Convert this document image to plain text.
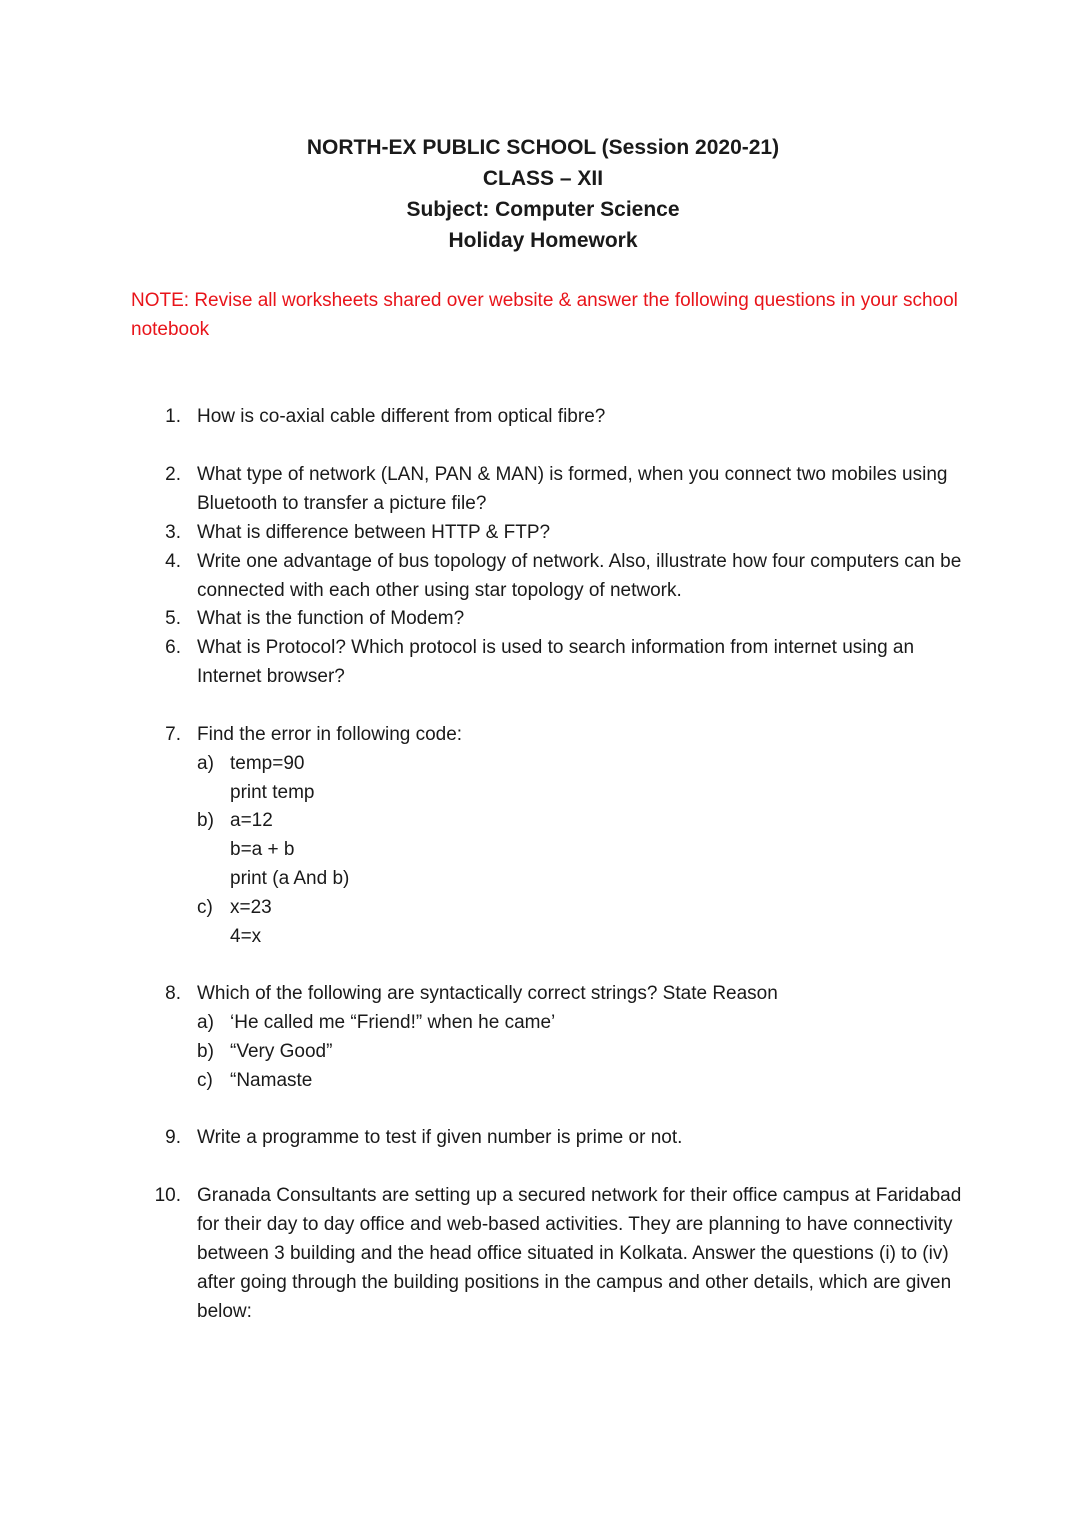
NORTH-EX PUBLIC SCHOOL (Session 2020-21)
CLASS – XII
Subject: Computer Science
Holiday Homework
NOTE: Revise all worksheets shared over website & answer the following questions in your school notebook
1. How is co-axial cable different from optical fibre?
2. What type of network (LAN, PAN & MAN) is formed, when you connect two mobiles using Bluetooth to transfer a picture file?
3. What is difference between HTTP & FTP?
4. Write one advantage of bus topology of network. Also, illustrate how four computers can be connected with each other using star topology of network.
5. What is the function of Modem?
6. What is Protocol? Which protocol is used to search information from internet using an Internet browser?
7. Find the error in following code:
a) temp=90
print temp
b) a=12
b=a + b
print (a And b)
c) x=23
4=x
8. Which of the following are syntactically correct strings? State Reason
a) ‘He called me “Friend!” when he came’
b) “Very Good”
c) “Namaste
9. Write a programme to test if given number is prime or not.
10. Granada Consultants are setting up a secured network for their office campus at Faridabad for their day to day office and web-based activities. They are planning to have connectivity between 3 building and the head office situated in Kolkata. Answer the questions (i) to (iv) after going through the building positions in the campus and other details, which are given below:
